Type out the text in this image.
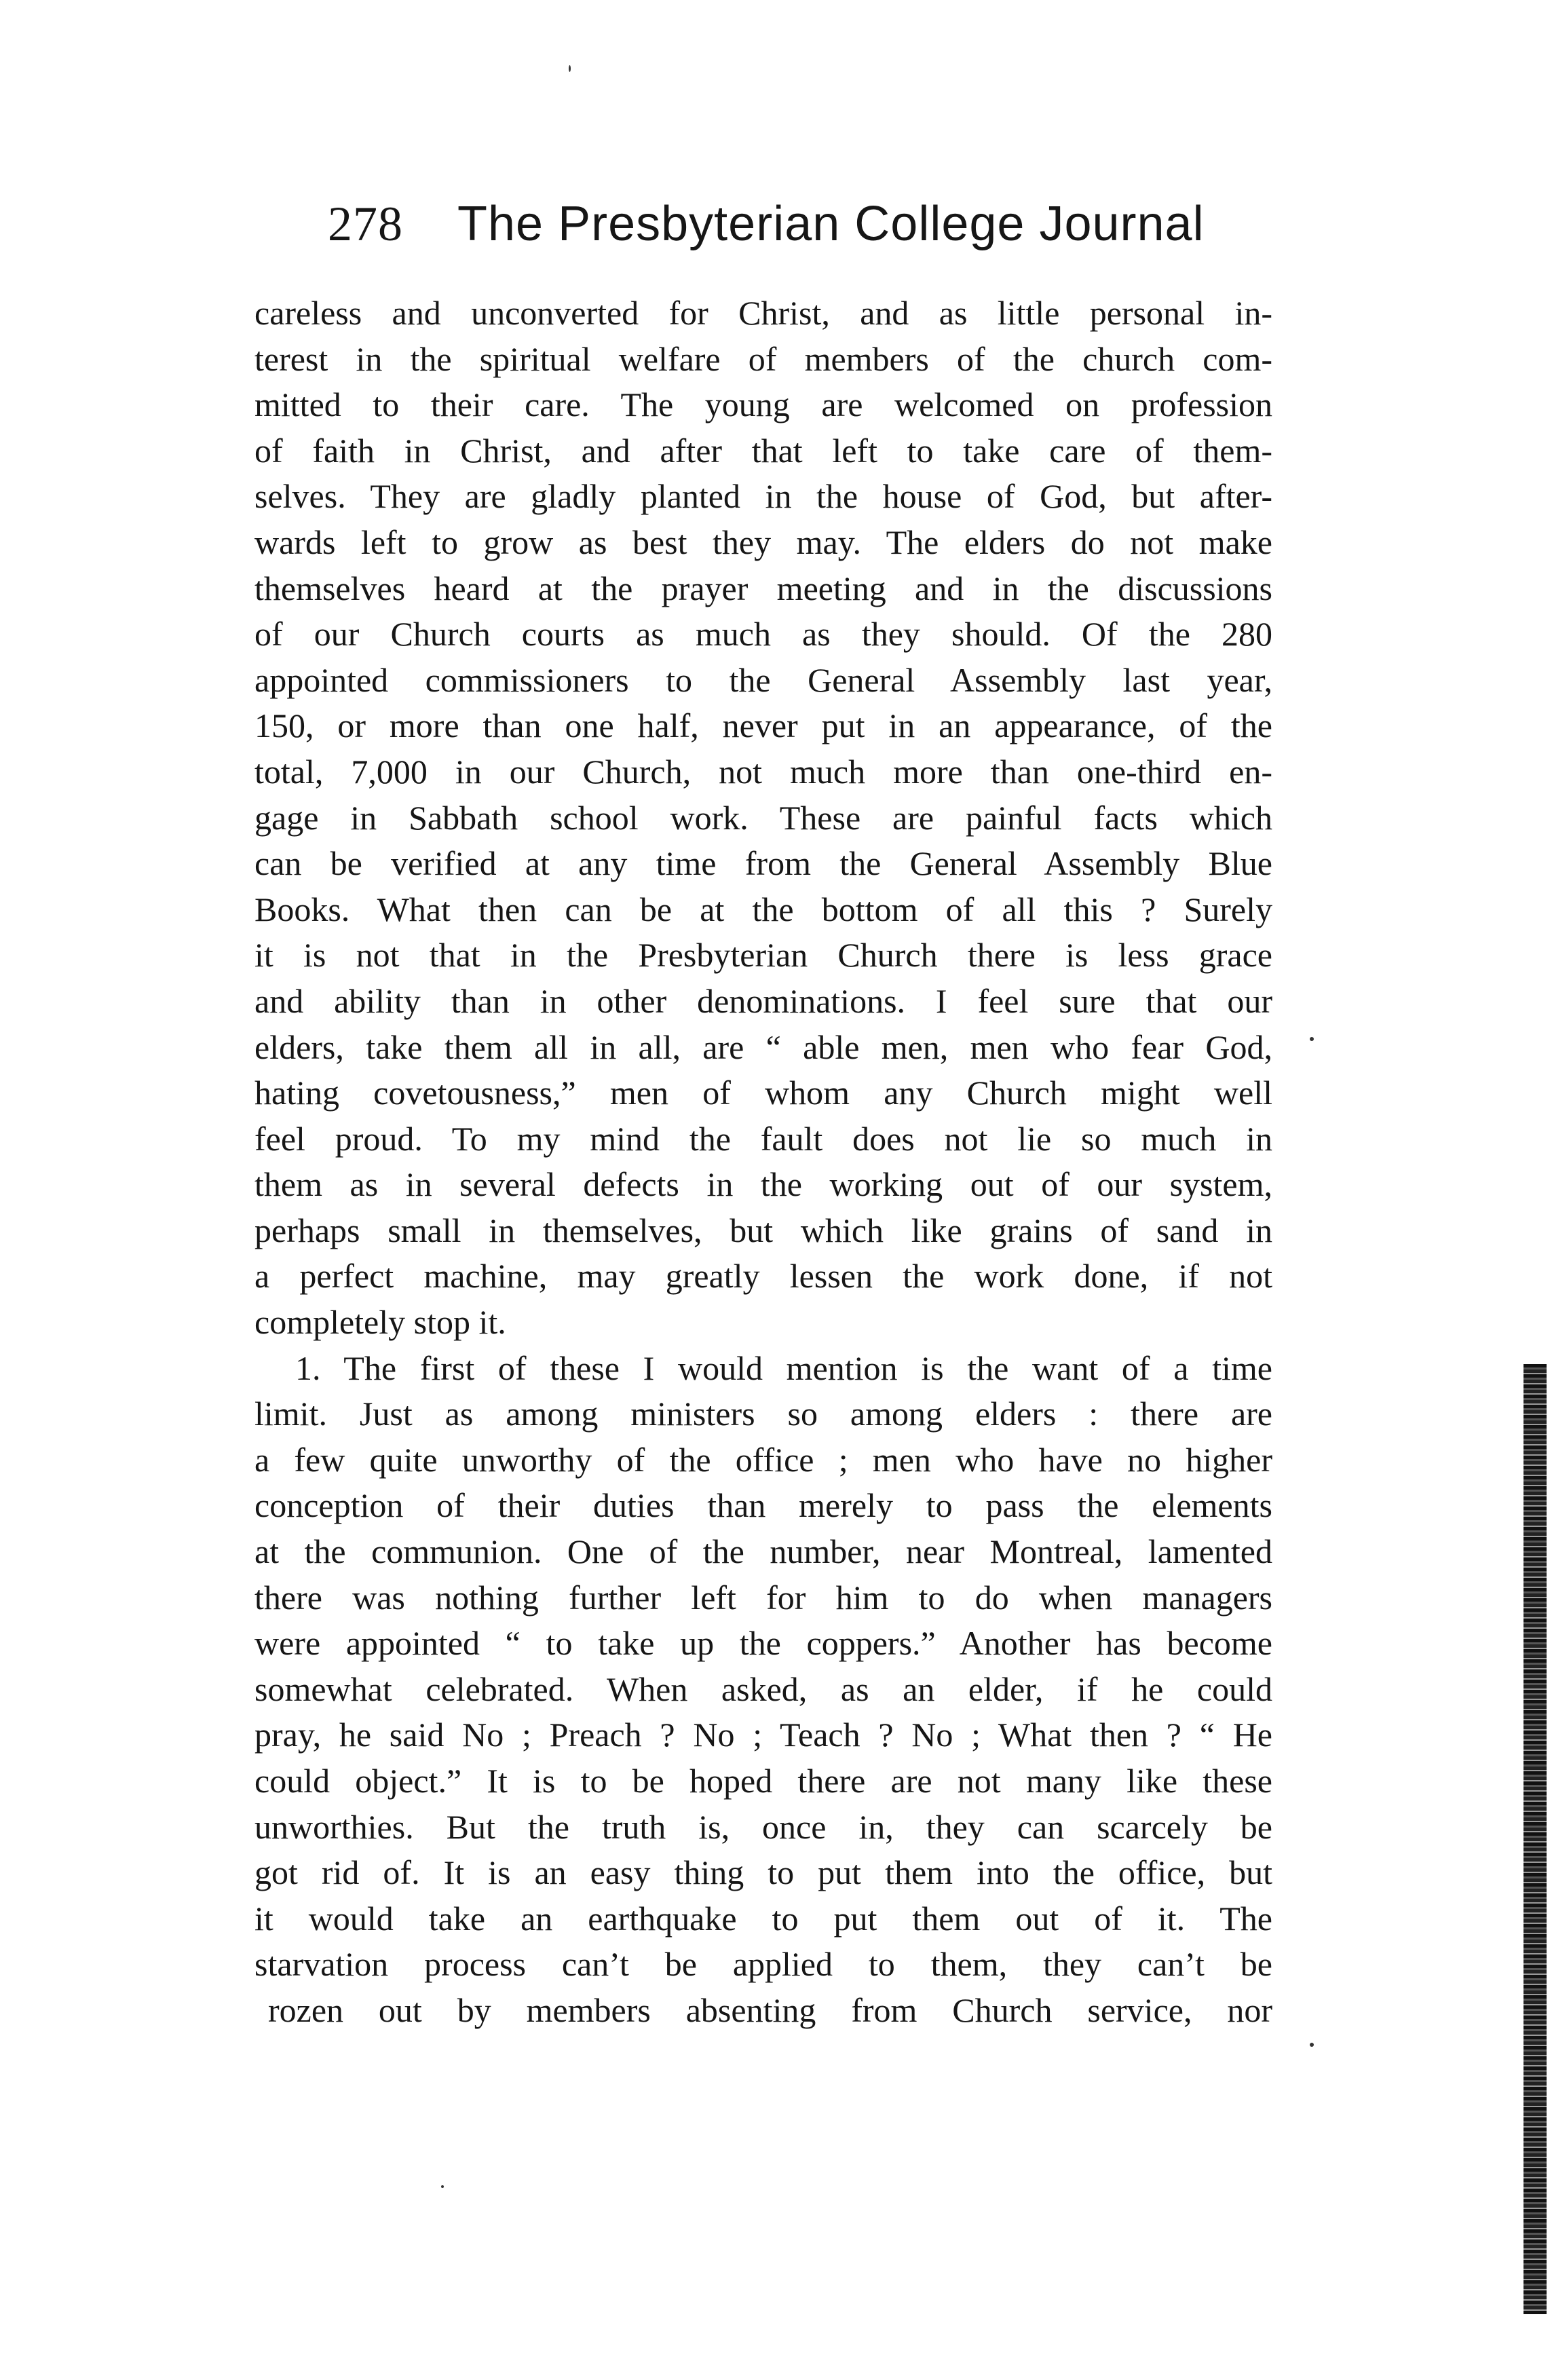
278 The Presbyterian College Journal
careless and unconverted for Christ, and as little personal in-
terest in the spiritual welfare of members of the church com-
mitted to their care. The young are welcomed on profession
of faith in Christ, and after that left to take care of them-
selves. They are gladly planted in the house of God, but after-
wards left to grow as best they may. The elders do not make
themselves heard at the prayer meeting and in the discussions
of our Church courts as much as they should. Of the 280
appointed commissioners to the General Assembly last year,
150, or more than one half, never put in an appearance, of the
total, 7,000 in our Church, not much more than one-third en-
gage in Sabbath school work. These are painful facts which
can be verified at any time from the General Assembly Blue
Books. What then can be at the bottom of all this ? Surely
it is not that in the Presbyterian Church there is less grace
and ability than in other denominations. I feel sure that our
elders, take them all in all, are “ able men, men who fear God,
hating covetousness,” men of whom any Church might well
feel proud. To my mind the fault does not lie so much in
them as in several defects in the working out of our system,
perhaps small in themselves, but which like grains of sand in
a perfect machine, may greatly lessen the work done, if not
completely stop it.
1. The first of these I would mention is the want of a time
limit. Just as among ministers so among elders : there are
a few quite unworthy of the office ; men who have no higher
conception of their duties than merely to pass the elements
at the communion. One of the number, near Montreal, lamented
there was nothing further left for him to do when managers
were appointed “ to take up the coppers.” Another has become
somewhat celebrated. When asked, as an elder, if he could
pray, he said No ; Preach ? No ; Teach ? No ; What then ? “ He
could object.” It is to be hoped there are not many like these
unworthies. But the truth is, once in, they can scarcely be
got rid of. It is an easy thing to put them into the office, but
it would take an earthquake to put them out of it. The
starvation process can’t be applied to them, they can’t be
rozen out by members absenting from Church service, nor
